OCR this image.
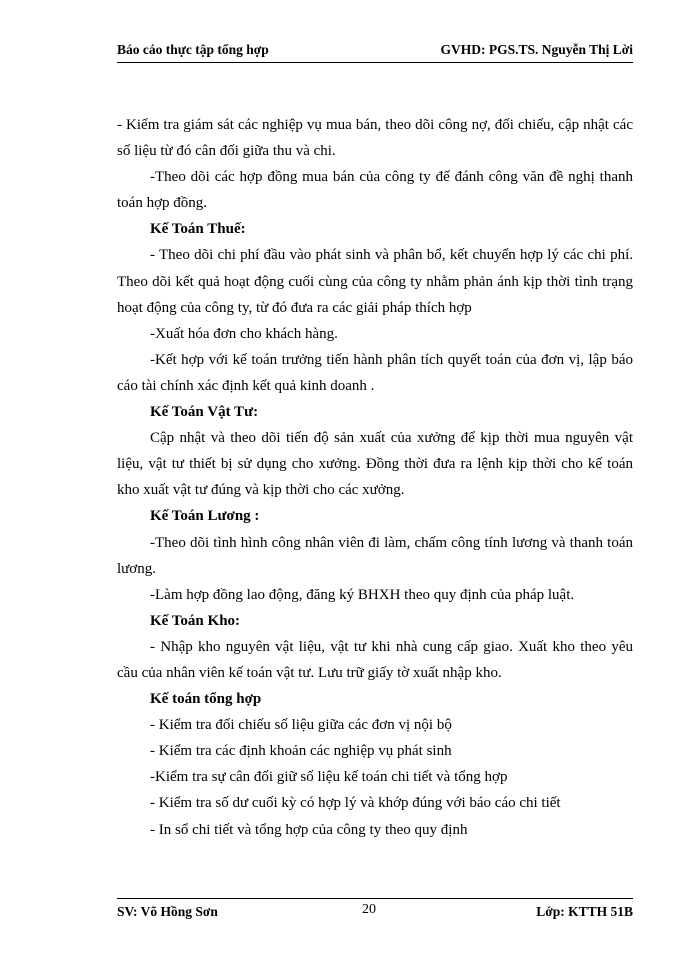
Báo cáo thực tập tổng hợp	GVHD: PGS.TS. Nguyễn Thị Lời

- Kiểm tra giám sát các nghiệp vụ mua bán, theo dõi công nợ, đối chiếu, cập nhật các số liệu từ đó cân đối giữa thu và chi.

-Theo dõi các hợp đồng mua bán của công ty để đánh công văn đề nghị thanh toán hợp đồng.

Kế Toán Thuế:

- Theo dõi chi phí đầu vào phát sinh và phân bổ, kết chuyển hợp lý các chi phí. Theo dõi kết quả hoạt động cuối cùng của công ty nhằm phản ánh kịp thời tình trạng hoạt động của công ty, từ đó đưa ra các giải pháp thích hợp

-Xuất hóa đơn cho khách hàng.

-Kết hợp với kế toán trưởng tiến hành phân tích quyết toán của đơn vị, lập báo cáo tài chính xác định kết quả kinh doanh .

Kế Toán Vật Tư:

Cập nhật và theo dõi tiến độ sản xuất của xưởng để kịp thời mua nguyên vật liệu, vật tư thiết bị sử dụng cho xưởng. Đồng thời đưa ra lệnh kịp thời cho kế toán kho xuất vật tư đúng và kịp thời cho các xưởng.

Kế Toán Lương :

-Theo dõi tình hình công nhân viên đi làm, chấm công tính lương và thanh toán lương.

-Làm hợp đồng lao động, đăng ký BHXH theo quy định của pháp luật.

Kế Toán Kho:

- Nhập kho nguyên vật liệu, vật tư khi nhà cung cấp giao. Xuất kho theo yêu cầu của nhân viên kế toán vật tư. Lưu trữ giấy tờ xuất nhập kho.

Kế toán tổng hợp

- Kiểm tra đối chiếu số liệu giữa các đơn vị nội bộ

- Kiểm tra các định khoản các nghiệp vụ phát sinh

-Kiểm tra sự cân đối giữ số liệu kế toán chi tiết và tổng hợp

- Kiểm tra số dư cuối kỳ có hợp lý và khớp đúng với báo cáo chi tiết

- In sổ chi tiết và tổng hợp của công ty theo quy định

SV: Võ Hồng Sơn	20	Lớp: KTTH 51B
